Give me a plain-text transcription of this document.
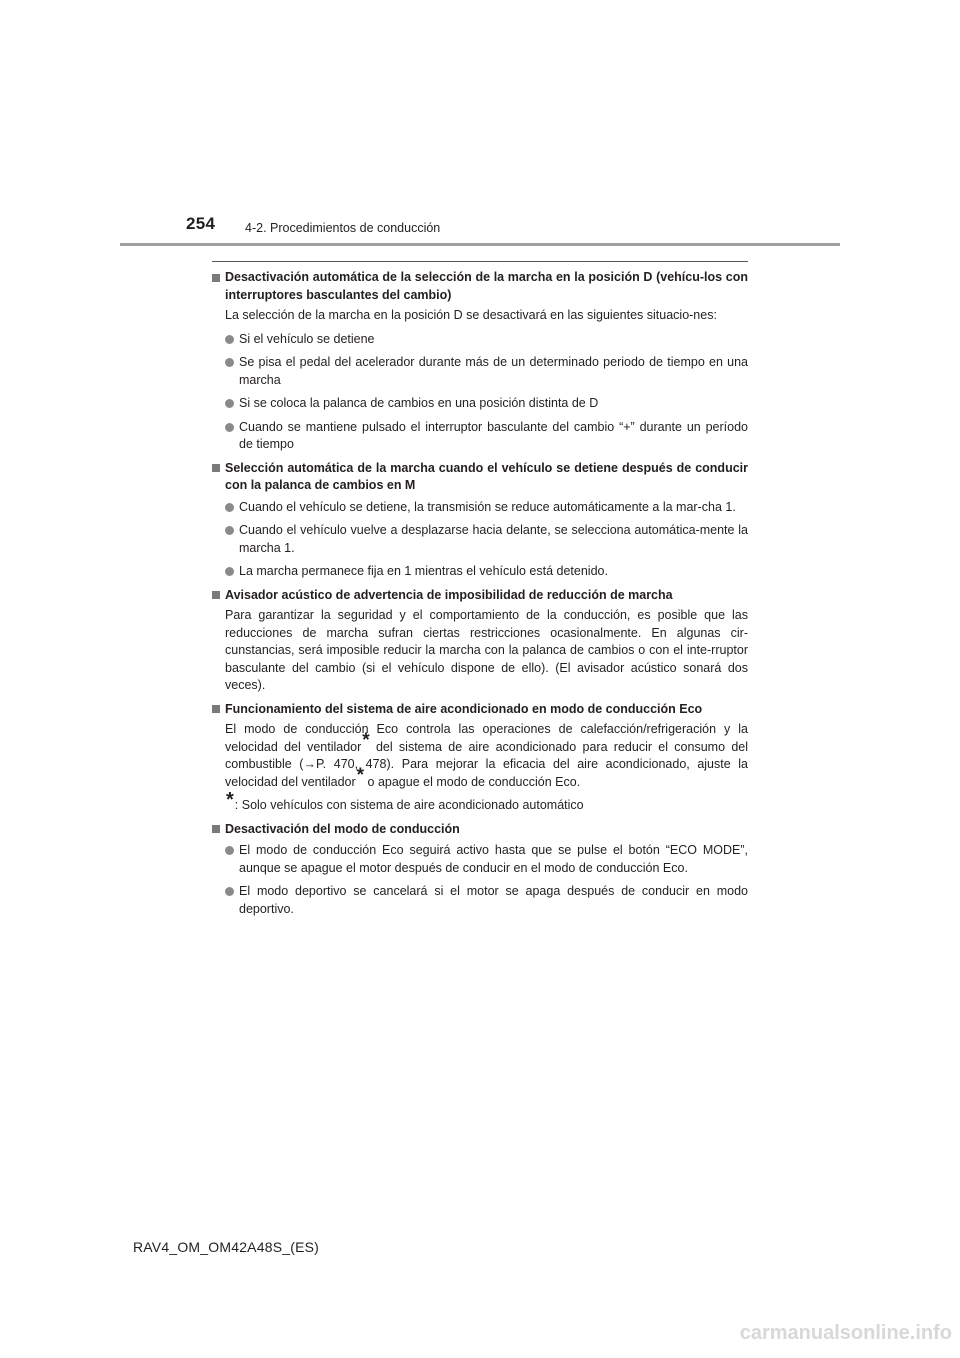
254 4-2. Procedimientos de conducción
Desactivación automática de la selección de la marcha en la posición D (vehícu-los con interruptores basculantes del cambio)
La selección de la marcha en la posición D se desactivará en las siguientes situacio-nes:
Si el vehículo se detiene
Se pisa el pedal del acelerador durante más de un determinado periodo de tiempo en una marcha
Si se coloca la palanca de cambios en una posición distinta de D
Cuando se mantiene pulsado el interruptor basculante del cambio “+” durante un período de tiempo
Selección automática de la marcha cuando el vehículo se detiene después de conducir con la palanca de cambios en M
Cuando el vehículo se detiene, la transmisión se reduce automáticamente a la mar-cha 1.
Cuando el vehículo vuelve a desplazarse hacia delante, se selecciona automática-mente la marcha 1.
La marcha permanece fija en 1 mientras el vehículo está detenido.
Avisador acústico de advertencia de imposibilidad de reducción de marcha
Para garantizar la seguridad y el comportamiento de la conducción, es posible que las reducciones de marcha sufran ciertas restricciones ocasionalmente. En algunas cir-cunstancias, será imposible reducir la marcha con la palanca de cambios o con el inte-rruptor basculante del cambio (si el vehículo dispone de ello). (El avisador acústico sonará dos veces).
Funcionamiento del sistema de aire acondicionado en modo de conducción Eco
El modo de conducción Eco controla las operaciones de calefacción/refrigeración y la velocidad del ventilador* del sistema de aire acondicionado para reducir el consumo del combustible (→P. 470, 478). Para mejorar la eficacia del aire acondicionado, ajuste la velocidad del ventilador* o apague el modo de conducción Eco.
*: Solo vehículos con sistema de aire acondicionado automático
Desactivación del modo de conducción
El modo de conducción Eco seguirá activo hasta que se pulse el botón “ECO MODE”, aunque se apague el motor después de conducir en el modo de conducción Eco.
El modo deportivo se cancelará si el motor se apaga después de conducir en modo deportivo.
RAV4_OM_OM42A48S_(ES)
carmanualsonline.info
